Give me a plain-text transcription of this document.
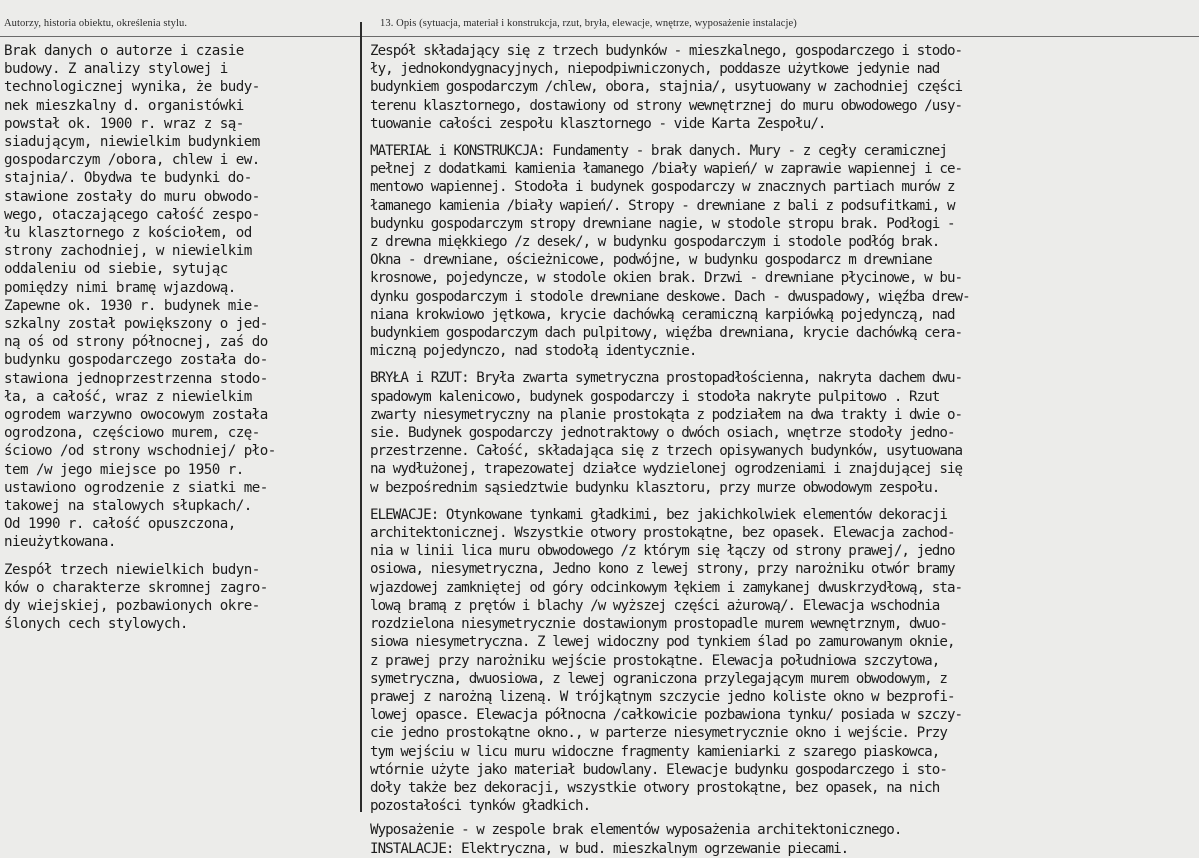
Autorzy, historia obiektu, określenia stylu.	13. Opis (sytuacja, materiał i konstrukcja, rzut, bryła, elewacje, wnętrze, wyposażenie instalacje)
Brak danych o autorze i czasie
budowy. Z analizy stylowej i
technologicznej wynika, że budy-
nek mieszkalny d. organistówki
powstał ok. 1900 r. wraz z są-
siadującym, niewielkim budynkiem
gospodarczym /obora, chlew i ew.
stajnia/. Obydwa te budynki do-
stawione zostały do muru obwodo-
wego, otaczającego całość zespo-
łu klasztornego z kościołem, od
strony zachodniej, w niewielkim
oddaleniu od siebie, sytując
pomiędzy nimi bramę wjazdową.
Zapewne ok. 1930 r. budynek mie-
szkalny został powiększony o jed-
ną oś od strony północnej, zaś do
budynku gospodarczego została do-
stawiona jednoprzestrzenna stodo-
ła, a całość, wraz z niewielkim
ogrodem warzywno owocowym została
ogrodzona, częściowo murem, czę-
ściowo /od strony wschodniej/ pło-
tem /w jego miejsce po 1950 r.
ustawiono ogrodzenie z siatki me-
takowej na stalowych słupkach/.
Od 1990 r. całość opuszczona,
nieużytkowana.
Zespół trzech niewielkich budyn-
ków o charakterze skromnej zagro-
dy wiejskiej, pozbawionych okre-
ślonych cech stylowych.
Zespół składający się z trzech budynków - mieszkalnego, gospodarczego i stodo-
ły, jednokondygnacyjnych, niepodpiwniczonych, poddasze użytkowe jedynie nad
budynkiem gospodarczym /chlew, obora, stajnia/, usytuowany w zachodniej części
terenu klasztornego, dostawiony od strony wewnętrznej do muru obwodowego /usy-
tuowanie całości zespołu klasztornego - vide Karta Zespołu/.
MATERIAŁ i KONSTRUKCJA: Fundamenty - brak danych. Mury - z cegły ceramicznej
pełnej z dodatkami kamienia łamanego /biały wapień/ w zaprawie wapiennej i ce-
mentowo wapiennej. Stodoła i budynek gospodarczy w znacznych partiach murów z
łamanego kamienia /biały wapień/. Stropy - drewniane z bali z podsufitkami, w
budynku gospodarczym stropy drewniane nagie, w stodole stropu brak. Podłogi -
z drewna miękkiego /z desek/, w budynku gospodarczym i stodole podłóg brak.
Okna - drewniane, ościeżnicowe, podwójne, w budynku gospodarcz m drewniane
krosnowe, pojedyncze, w stodole okien brak. Drzwi - drewniane płycinowe, w bu-
dynku gospodarczym i stodole drewniane deskowe. Dach - dwuspadowy, więźba drew-
niana krokwiowo jętkowa, krycie dachówką ceramiczną karpiówką pojedynczą, nad
budynkiem gospodarczym dach pulpitowy, więźba drewniana, krycie dachówką cera-
miczną pojedynczo, nad stodołą identycznie.
BRYŁA i RZUT: Bryła zwarta symetryczna prostopadłościenna, nakryta dachem dwu-
spadowym kalenicowo, budynek gospodarczy i stodoła nakryte pulpitowo . Rzut
zwarty niesymetryczny na planie prostokąta z podziałem na dwa trakty i dwie o-
sie. Budynek gospodarczy jednotraktowy o dwóch osiach, wnętrze stodoły jedno-
przestrzenne. Całość, składająca się z trzech opisywanych budynków, usytuowana
na wydłużonej, trapezowatej działce wydzielonej ogrodzeniami i znajdującej się
w bezpośrednim sąsiedztwie budynku klasztoru, przy murze obwodowym zespołu.
ELEWACJE: Otynkowane tynkami gładkimi, bez jakichkolwiek elementów dekoracji
architektonicznej. Wszystkie otwory prostokątne, bez opasek. Elewacja zachod-
nia w linii lica muru obwodowego /z którym się łączy od strony prawej/, jedno
osiowa, niesymetryczna, Jedno kono z lewej strony, przy narożniku otwór bramy
wjazdowej zamkniętej od góry odcinkowym łękiem i zamykanej dwuskrzydłową, sta-
lową bramą z prętów i blachy /w wyższej części ażurową/. Elewacja wschodnia
rozdzielona niesymetrycznie dostawionym prostopadle murem wewnętrznym, dwuo-
siowa niesymetryczna. Z lewej widoczny pod tynkiem ślad po zamurowanym oknie,
z prawej przy narożniku wejście prostokątne. Elewacja południowa szczytowa,
symetryczna, dwuosiowa, z lewej ograniczona przylegającym murem obwodowym, z
prawej z narożną lizeną. W trójkątnym szczycie jedno koliste okno w bezprofi-
lowej opasce. Elewacja północna /całkowicie pozbawiona tynku/ posiada w szczy-
cie jedno prostokątne okno., w parterze niesymetrycznie okno i wejście. Przy
tym wejściu w licu muru widoczne fragmenty kamieniarki z szarego piaskowca,
wtórnie użyte jako materiał budowlany. Elewacje budynku gospodarczego i sto-
doły także bez dekoracji, wszystkie otwory prostokątne, bez opasek, na nich
pozostałości tynków gładkich.
Wyposażenie - w zespole brak elementów wyposażenia architektonicznego.
INSTALACJE: Elektryczna, w bud. mieszkalnym ogrzewanie piecami.
